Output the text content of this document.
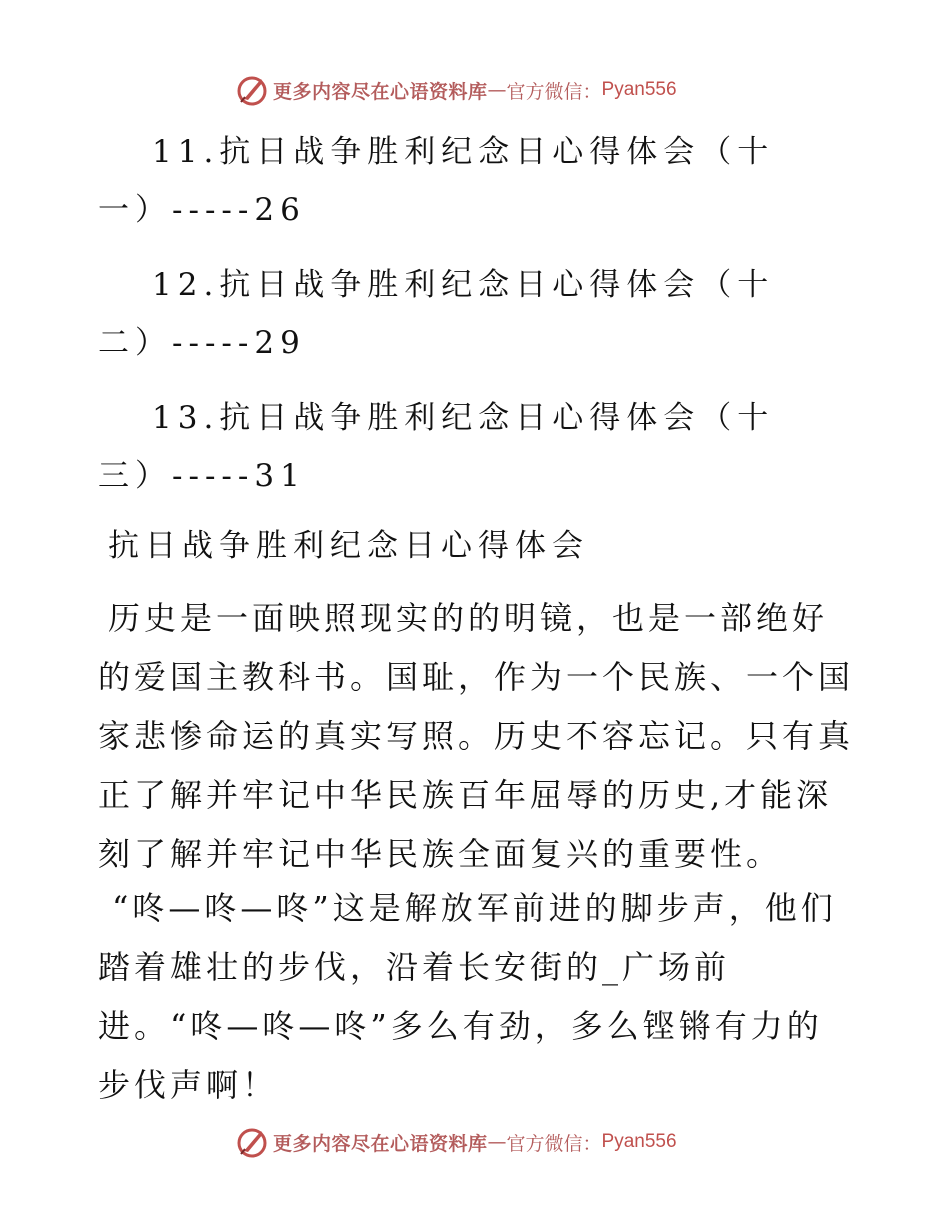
更多内容尽在心语资料库 — 官方微信： Pyan556
11.抗日战争胜利纪念日心得体会（十
一）-----26
12.抗日战争胜利纪念日心得体会（十
二）-----29
13.抗日战争胜利纪念日心得体会（十
三）-----31
抗日战争胜利纪念日心得体会
历史是一面映照现实的的明镜，也是一部绝好的爱国主教科书。国耻，作为一个民族、一个国家悲惨命运的真实写照。历史不容忘记。只有真正了解并牢记中华民族百年屈辱的历史,才能深刻了解并牢记中华民族全面复兴的重要性。
“咚—咚—咚”这是解放军前进的脚步声，他们踏着雄壮的步伐，沿着长安街的_广场前进。“咚—咚—咚”多么有劲，多么铿锵有力的步伐声啊！
更多内容尽在心语资料库 — 官方微信： Pyan556
